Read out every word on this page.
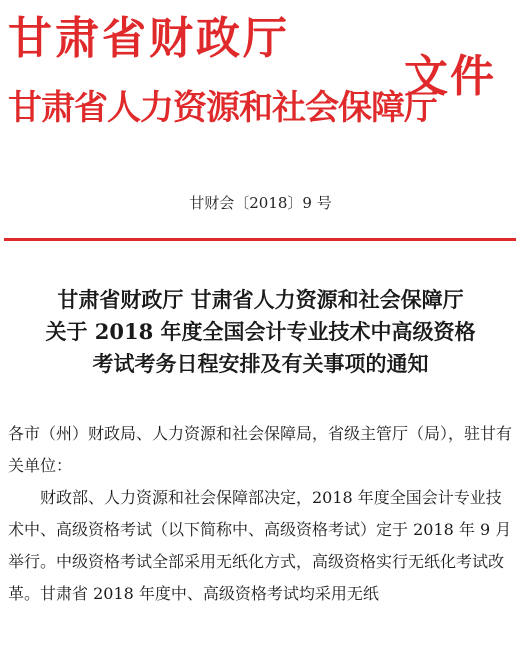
甘肃省财政厅
甘肃省人力资源和社会保障厅
文件
甘财会〔2018〕9 号
甘肃省财政厅 甘肃省人力资源和社会保障厅
关于 2018 年度全国会计专业技术中高级资格
考试考务日程安排及有关事项的通知

各市（州）财政局、人力资源和社会保障局，省级主管厅（局），驻甘有关单位：

财政部、人力资源和社会保障部决定，2018 年度全国会计专业技术中、高级资格考试（以下简称中、高级资格考试）定于 2018 年 9 月举行。中级资格考试全部采用无纸化方式，高级资格实行无纸化考试改革。甘肃省 2018 年度中、高级资格考试均采用无纸
